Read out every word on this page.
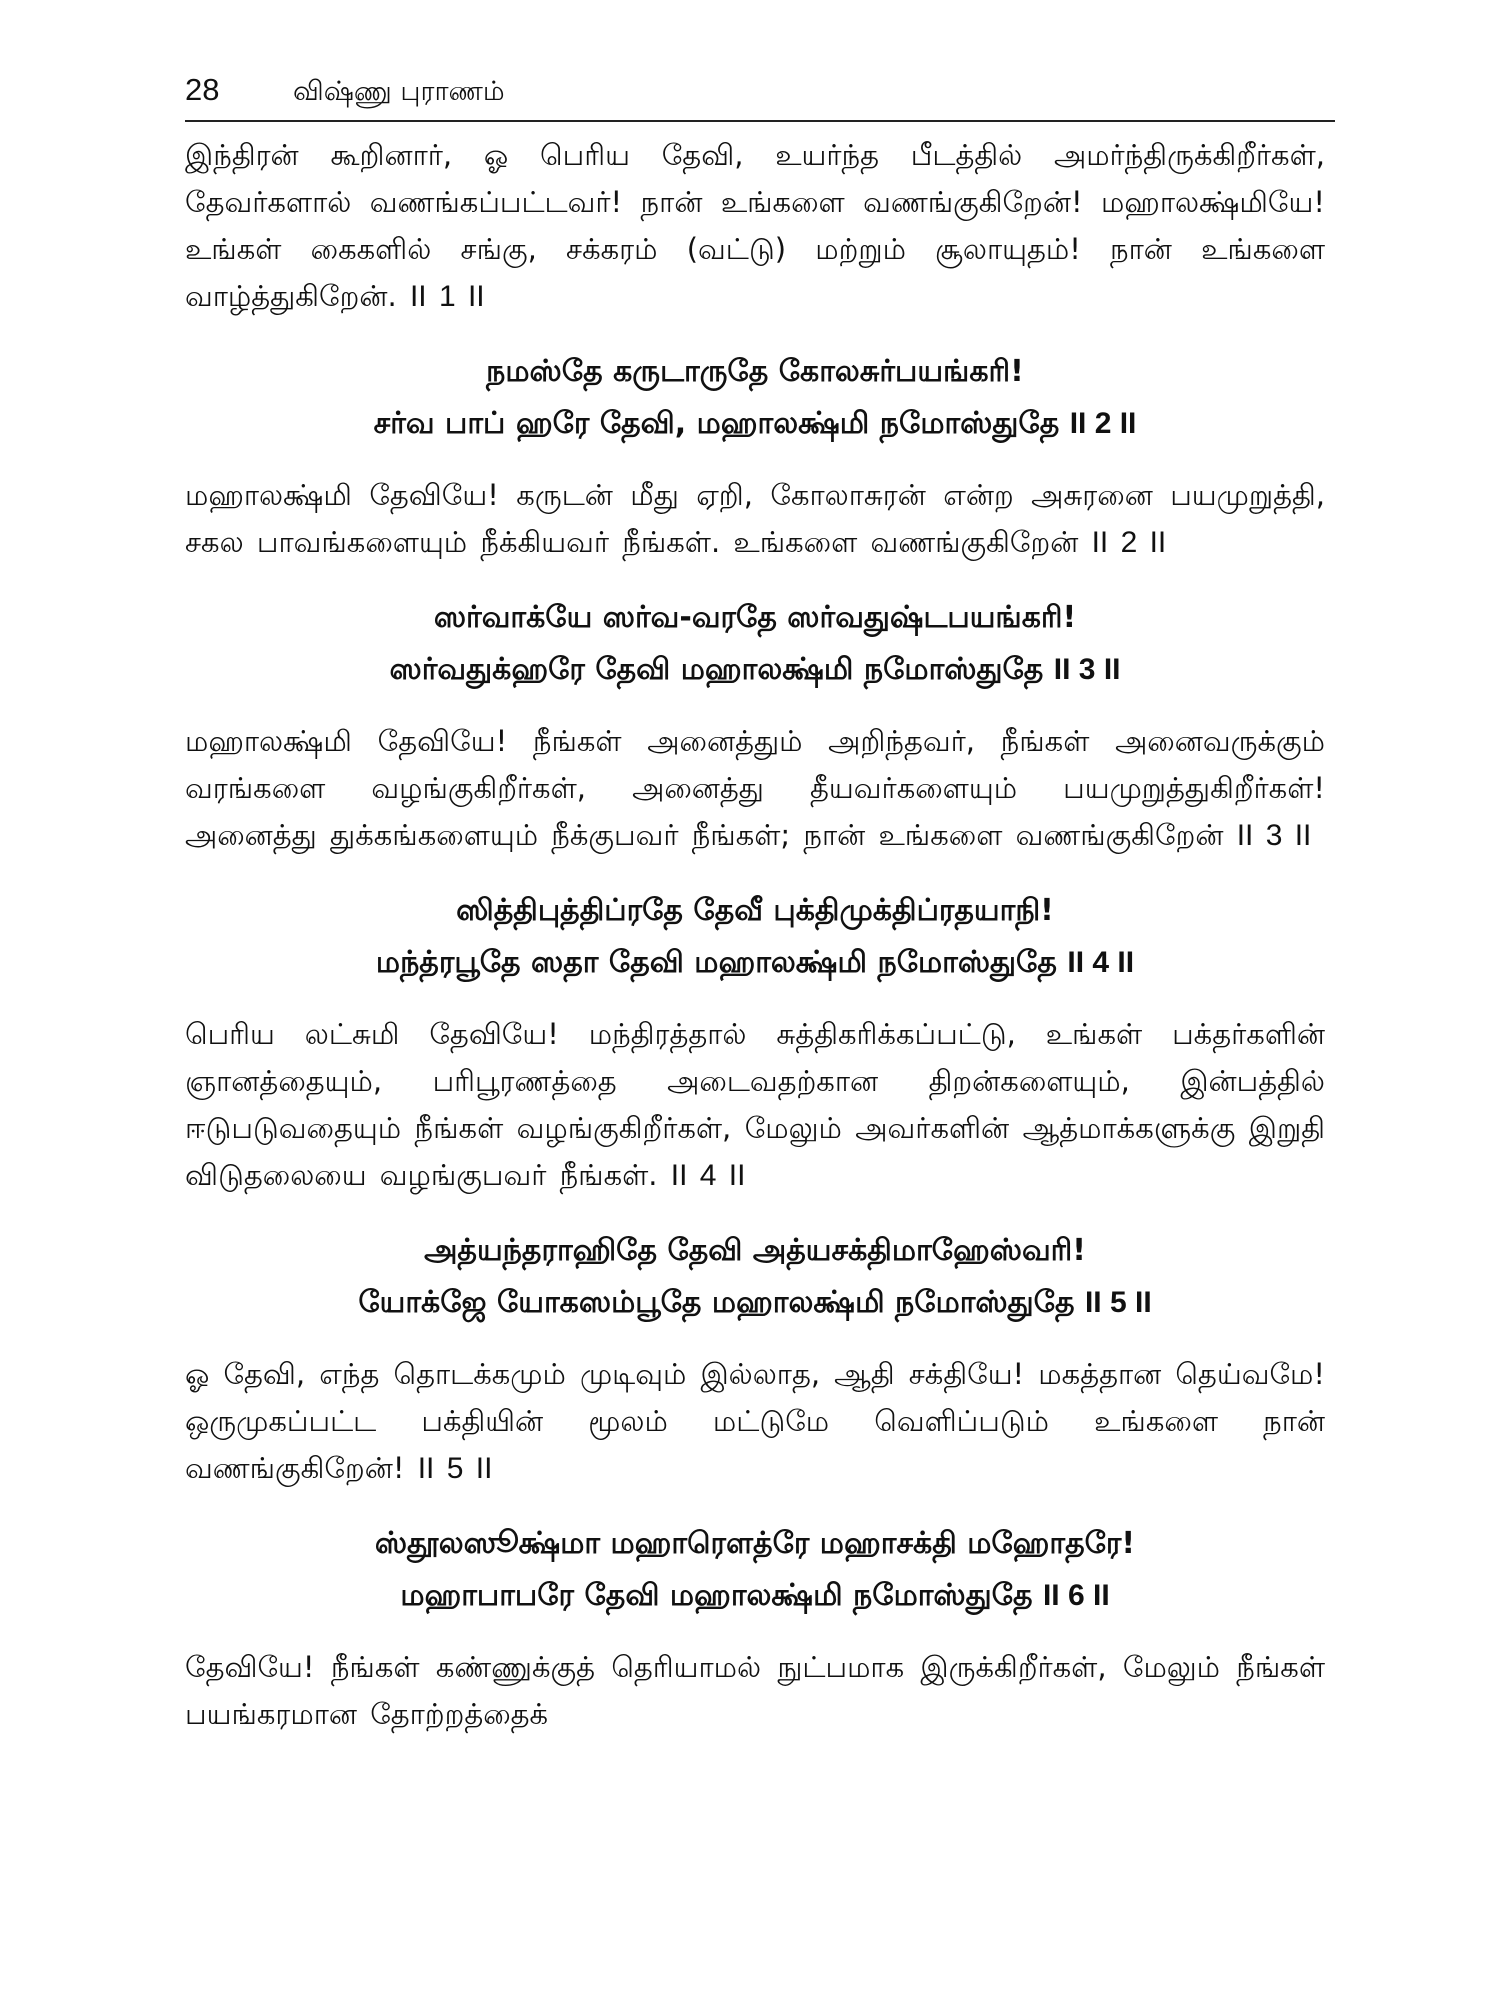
28	விஷ்ணு புராணம்

இந்திரன் கூறினார், ஓ பெரிய தேவி, உயர்ந்த பீடத்தில் அமர்ந்திருக்கிறீர்கள், தேவர்களால் வணங்கப்பட்டவர்! நான் உங்களை வணங்குகிறேன்! மஹாலக்ஷ்மியே! உங்கள் கைகளில் சங்கு, சக்கரம் (வட்டு) மற்றும் சூலாயுதம்! நான் உங்களை வாழ்த்துகிறேன். II 1 II

நமஸ்தே கருடாருதே கோலசுர்பயங்கரி!
சர்வ பாப் ஹரே தேவி, மஹாலக்ஷ்மி நமோஸ்துதே II 2 II

மஹாலக்ஷ்மி தேவியே! கருடன் மீது ஏறி, கோலாசுரன் என்ற அசுரனை பயமுறுத்தி, சகல பாவங்களையும் நீக்கியவர் நீங்கள். உங்களை வணங்குகிறேன் II 2 II

ஸர்வாக்யே ஸர்வ-வரதே ஸர்வதுஷ்டபயங்கரி!
ஸர்வதுக்ஹரே தேவி மஹாலக்ஷ்மி நமோஸ்துதே II 3 II

மஹாலக்ஷ்மி தேவியே! நீங்கள் அனைத்தும் அறிந்தவர், நீங்கள் அனைவருக்கும் வரங்களை வழங்குகிறீர்கள், அனைத்து தீயவர்களையும் பயமுறுத்துகிறீர்கள்! அனைத்து துக்கங்களையும் நீக்குபவர் நீங்கள்; நான் உங்களை வணங்குகிறேன் II 3 II

ஸித்திபுத்திப்ரதே தேவீ புக்திமுக்திப்ரதயாநி!
மந்த்ரபூதே ஸதா தேவி மஹாலக்ஷ்மி நமோஸ்துதே II 4 II

பெரிய லட்சுமி தேவியே! மந்திரத்தால் சுத்திகரிக்கப்பட்டு, உங்கள் பக்தர்களின் ஞானத்தையும், பரிபூரணத்தை அடைவதற்கான திறன்களையும், இன்பத்தில் ஈடுபடுவதையும் நீங்கள் வழங்குகிறீர்கள், மேலும் அவர்களின் ஆத்மாக்களுக்கு இறுதி விடுதலையை வழங்குபவர் நீங்கள். II 4 II

அத்யந்தராஹிதே தேவி அத்யசக்திமாஹேஸ்வரி!
யோக்ஜே யோகஸம்பூதே மஹாலக்ஷ்மி நமோஸ்துதே II 5 II

ஓ தேவி, எந்த தொடக்கமும் முடிவும் இல்லாத, ஆதி சக்தியே! மகத்தான தெய்வமே! ஒருமுகப்பட்ட பக்தியின் மூலம் மட்டுமே வெளிப்படும் உங்களை நான் வணங்குகிறேன்! II 5 II

ஸ்தூலஸூக்ஷ்மா மஹாரௌத்ரே மஹாசக்தி மஹோதரே!
மஹாபாபரே தேவி மஹாலக்ஷ்மி நமோஸ்துதே II 6 II

தேவியே! நீங்கள் கண்ணுக்குத் தெரியாமல் நுட்பமாக இருக்கிறீர்கள், மேலும் நீங்கள் பயங்கரமான தோற்றத்தைக்
